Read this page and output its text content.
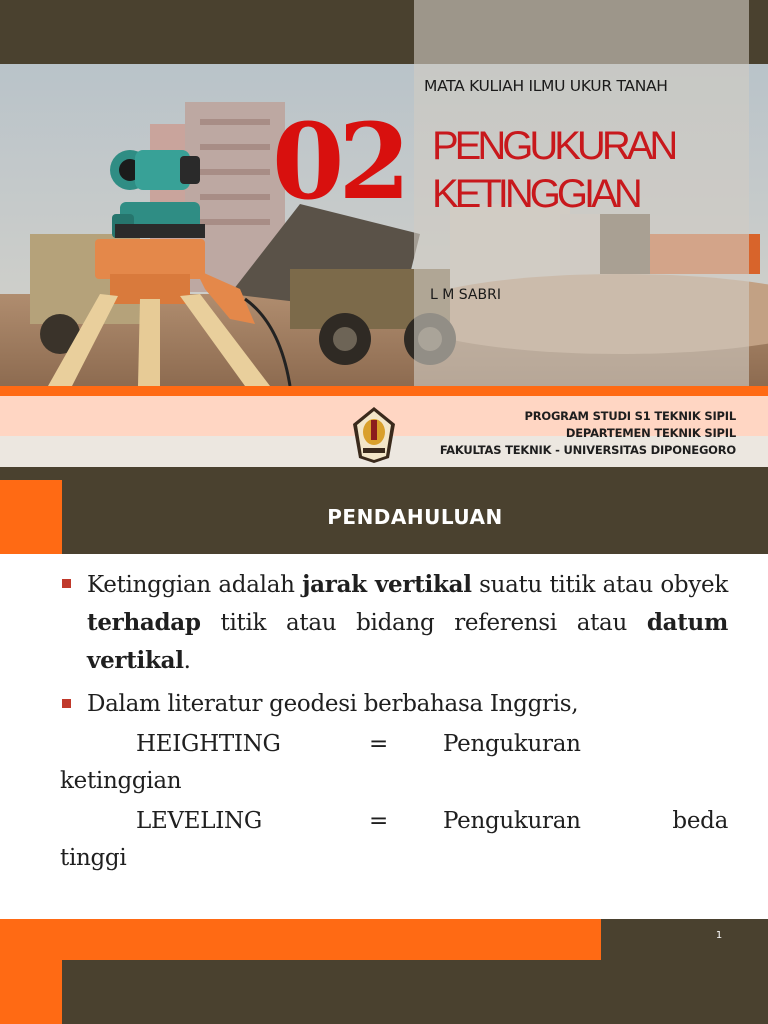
MATA KULIAH ILMU UKUR TANAH
02 PENGUKURAN
KETINGGIAN
L M SABRI
PROGRAM STUDI S1 TEKNIK SIPIL
DEPARTEMEN TEKNIK SIPIL
FAKULTAS TEKNIK - UNIVERSITAS DIPONEGORO
PENDAHULUAN
Ketinggian adalah jarak vertikal suatu titik atau obyek terhadap titik atau bidang referensi atau datum vertikal.
Dalam literatur geodesi berbahasa Inggris,
HEIGHTING	=	Pengukuran
ketinggian
LEVELING	=	Pengukuran	beda
tinggi
1
